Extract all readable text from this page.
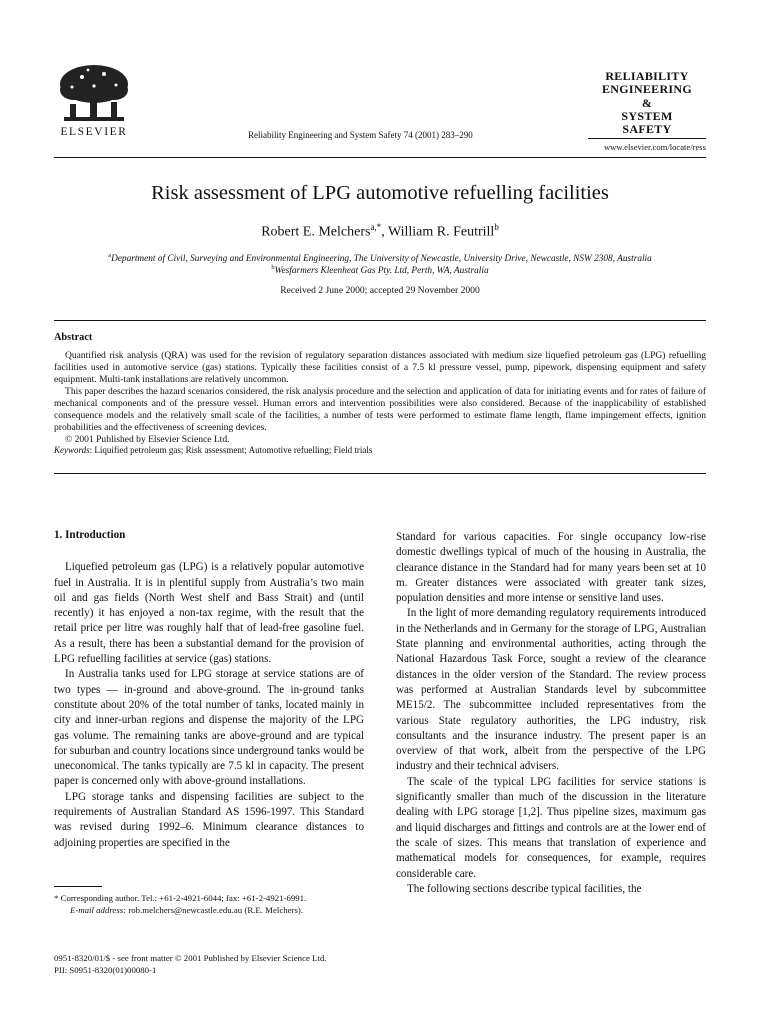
ELSEVIER	Reliability Engineering and System Safety 74 (2001) 283–290
RELIABILITY
ENGINEERING
&
SYSTEM
SAFETY
www.elsevier.com/locate/ress
Risk assessment of LPG automotive refuelling facilities
Robert E. Melchers$^{a,*}$, William R. Feutrill$^b$
$^a$Department of Civil, Surveying and Environmental Engineering, The University of Newcastle, University Drive, Newcastle, NSW 2308, Australia
$^b$Wesfarmers Kleenheat Gas Pty. Ltd, Perth, WA, Australia
Received 2 June 2000; accepted 29 November 2000
Abstract

Quantified risk analysis (QRA) was used for the revision of regulatory separation distances associated with medium size liquefied petroleum gas (LPG) refuelling facilities used in automotive service (gas) stations. Typically these facilities consist of a 7.5 kl pressure vessel, pump, pipework, dispensing equipment and safety equipment. Multi-tank installations are relatively uncommon.

This paper describes the hazard scenarios considered, the risk analysis procedure and the selection and application of data for initiating events and for rates of failure of mechanical components and of the pressure vessel. Human errors and intervention possibilities were also considered. Because of the inapplicability of established consequence models and the relatively small scale of the facilities, a number of tests were performed to estimate flame length, flame impingement effects, ignition probabilities and the effectiveness of screening devices.

© 2001 Published by Elsevier Science Ltd.

Keywords: Liquified petroleum gas; Risk assessment; Automotive refuelling; Field trials
1. Introduction

Liquefied petroleum gas (LPG) is a relatively popular automotive fuel in Australia. It is in plentiful supply from Australia’s two main oil and gas fields (North West shelf and Bass Strait) and (until recently) it has enjoyed a non-tax regime, with the result that the retail price per litre was roughly half that of lead-free gasoline fuel. As a result, there has been a substantial demand for the provision of LPG refuelling facilities at service (gas) stations.

In Australia tanks used for LPG storage at service stations are of two types — in-ground and above-ground. The in-ground tanks constitute about 20% of the total number of tanks, located mainly in city and inner-urban regions and dispense the majority of the LPG gas volume. The remaining tanks are above-ground and are typical for suburban and country locations since underground tanks would be uneconomical. The tanks typically are 7.5 kl in capacity. The present paper is concerned only with above-ground installations.

LPG storage tanks and dispensing facilities are subject to the requirements of Australian Standard AS 1596-1997. This Standard was revised during 1992–6. Minimum clearance distances to adjoining properties are specified in the

Standard for various capacities. For single occupancy low-rise domestic dwellings typical of much of the housing in Australia, the clearance distance in the Standard had for many years been set at 10 m. Greater distances were associated with greater tank sizes, population densities and more intense or sensitive land uses.

In the light of more demanding regulatory requirements introduced in the Netherlands and in Germany for the storage of LPG, Australian State planning and environmental authorities, acting through the National Hazardous Task Force, sought a review of the clearance distances in the older version of the Standard. The review process was performed at Australian Standards level by subcommittee ME15/2. The subcommittee included representatives from the various State regulatory authorities, the LPG industry, risk consultants and the insurance industry. The present paper is an overview of that work, albeit from the perspective of the LPG industry and their technical advisers.

The scale of the typical LPG facilities for service stations is significantly smaller than much of the discussion in the literature dealing with LPG storage [1,2]. Thus pipeline sizes, maximum gas and liquid discharges and fittings and controls are at the lower end of the scale of sizes. This means that translation of experience and mathematical models for consequences, for example, requires considerable care.

The following sections describe typical facilities, the

* Corresponding author. Tel.: +61-2-4921-6044; fax: +61-2-4921-6991.
E-mail address: rob.melchers@newcastle.edu.au (R.E. Melchers).
0951-8320/01/$ - see front matter © 2001 Published by Elsevier Science Ltd.
PII: S0951-8320(01)00080-1
